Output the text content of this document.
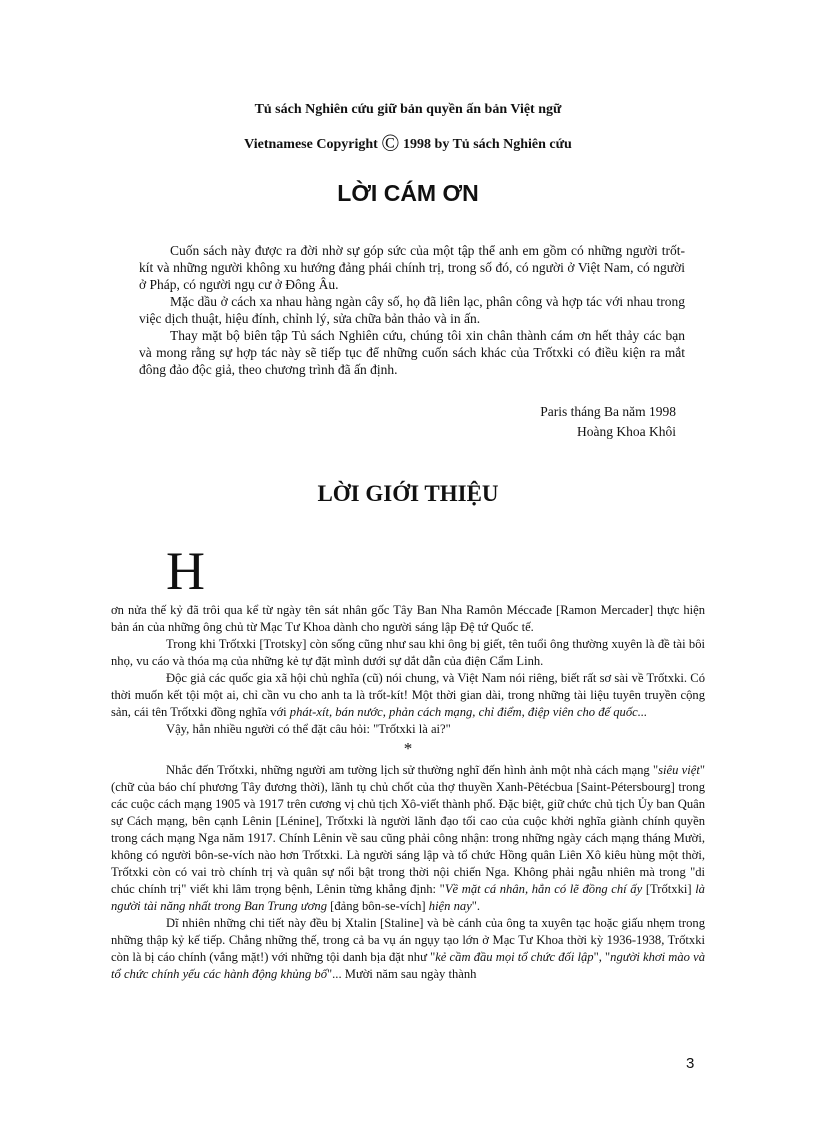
Tủ sách Nghiên cứu giữ bản quyền ấn bản Việt ngữ
Vietnamese Copyright © 1998 by Tủ sách Nghiên cứu
LỜI CÁM ƠN

Cuốn sách này được ra đời nhờ sự góp sức của một tập thể anh em gồm có những người trốt-kít và những người không xu hướng đảng phái chính trị, trong số đó, có người ở Việt Nam, có người ở Pháp, có người ngụ cư ở Đông Âu.

Mặc dầu ở cách xa nhau hàng ngàn cây số, họ đã liên lạc, phân công và hợp tác với nhau trong việc dịch thuật, hiệu đính, chỉnh lý, sửa chữa bản thảo và in ấn.

Thay mặt bộ biên tập Tủ sách Nghiên cứu, chúng tôi xin chân thành cám ơn hết thảy các bạn và mong rằng sự hợp tác này sẽ tiếp tục để những cuốn sách khác của Trốtxki có điều kiện ra mắt đông đảo độc giả, theo chương trình đã ấn định.

Paris tháng Ba năm 1998
Hoàng Khoa Khôi
LỜI GIỚI THIỆU
H

ơn nửa thế kỷ đã trôi qua kể từ ngày tên sát nhân gốc Tây Ban Nha Ramôn Méccađe [Ramon Mercader] thực hiện bản án của những ông chủ từ Mạc Tư Khoa dành cho người sáng lập Đệ tứ Quốc tế.

Trong khi Trốtxki [Trotsky] còn sống cũng như sau khi ông bị giết, tên tuổi ông thường xuyên là đề tài bôi nhọ, vu cáo và thóa mạ của những kẻ tự đặt mình dưới sự dắt dẫn của điện Cẩm Linh.

Độc giả các quốc gia xã hội chủ nghĩa (cũ) nói chung, và Việt Nam nói riêng, biết rất sơ sài về Trốtxki. Có thời muốn kết tội một ai, chỉ cần vu cho anh ta là trốt-kít! Một thời gian dài, trong những tài liệu tuyên truyền cộng sản, cái tên Trốtxki đồng nghĩa với phát-xít, bán nước, phản cách mạng, chỉ điểm, điệp viên cho đế quốc...

Vậy, hẳn nhiều người có thể đặt câu hỏi: "Trốtxki là ai?"

*

Nhắc đến Trốtxki, những người am tường lịch sử thường nghĩ đến hình ảnh một nhà cách mạng "siêu việt" (chữ của báo chí phương Tây đương thời), lãnh tụ chủ chốt của thợ thuyền Xanh-Pêtécbua [Saint-Pétersbourg] trong các cuộc cách mạng 1905 và 1917 trên cương vị chủ tịch Xô-viết thành phố. Đặc biệt, giữ chức chủ tịch Ủy ban Quân sự Cách mạng, bên cạnh Lênin [Lénine], Trốtxki là người lãnh đạo tối cao của cuộc khởi nghĩa giành chính quyền trong cách mạng Nga năm 1917. Chính Lênin về sau cũng phải công nhận: trong những ngày cách mạng tháng Mười, không có người bôn-se-vích nào hơn Trốtxki. Là người sáng lập và tổ chức Hồng quân Liên Xô kiêu hùng một thời, Trốtxki còn có vai trò chính trị và quân sự nổi bật trong thời nội chiến Nga. Không phải ngẫu nhiên mà trong "di chúc chính trị" viết khi lâm trọng bệnh, Lênin từng khẳng định: "Về mặt cá nhân, hẳn có lẽ đồng chí ấy [Trốtxki] là người tài năng nhất trong Ban Trung ương [đảng bôn-se-vích] hiện nay".

Dĩ nhiên những chi tiết này đều bị Xtalin [Staline] và bè cánh của ông ta xuyên tạc hoặc giấu nhẹm trong những thập kỷ kế tiếp. Chẳng những thế, trong cả ba vụ án ngụy tạo lớn ở Mạc Tư Khoa thời kỳ 1936-1938, Trốtxki còn là bị cáo chính (vắng mặt!) với những tội danh bịa đặt như "kẻ cầm đầu mọi tổ chức đối lập", "người khơi mào và tổ chức chính yếu các hành động khủng bố"... Mười năm sau ngày thành

3
